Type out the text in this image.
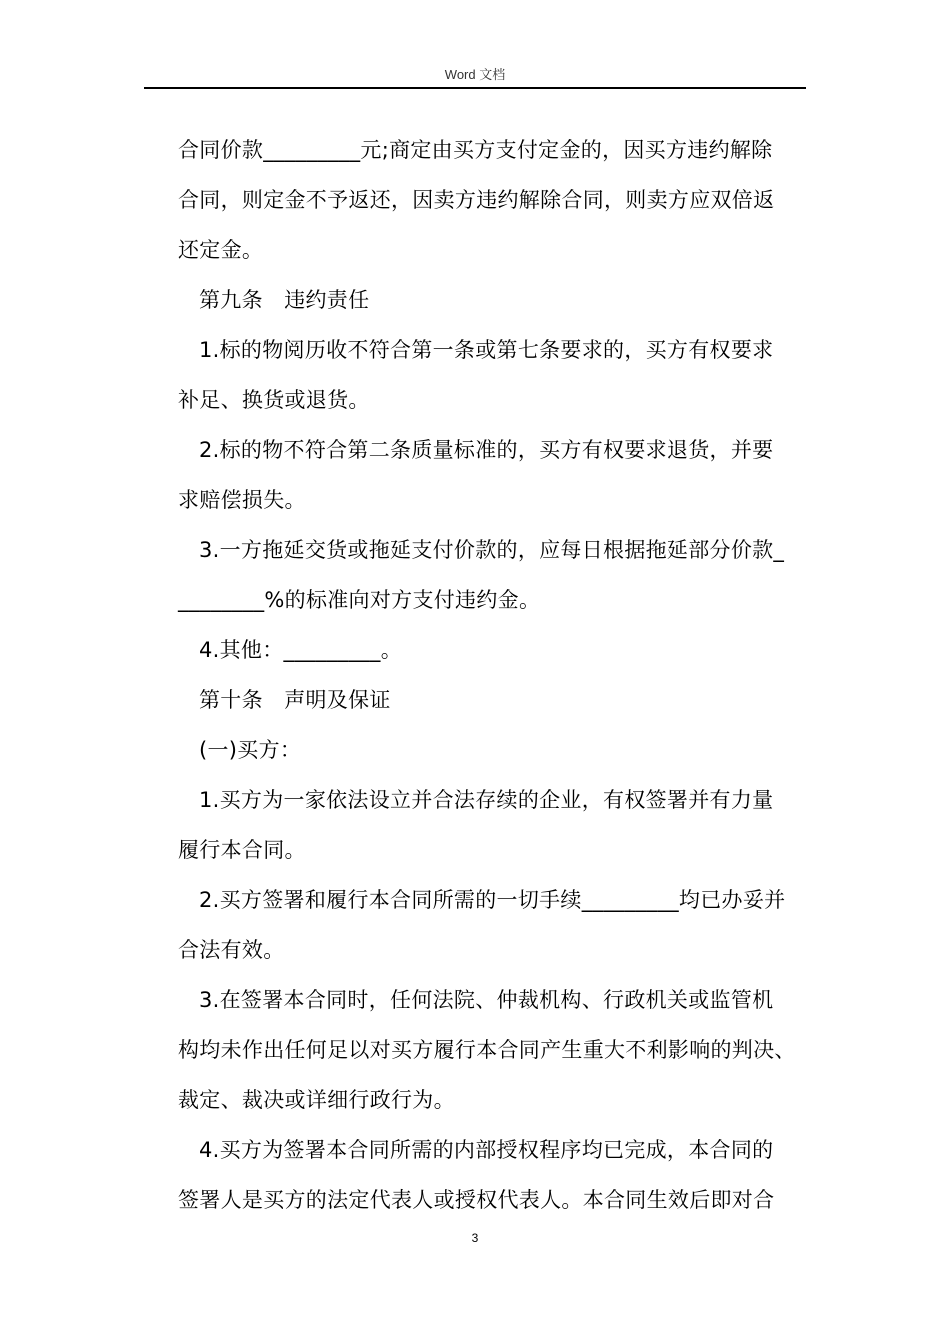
Word 文档

合同价款_________元;商定由买方支付定金的，因买方违约解除

合同，则定金不予返还，因卖方违约解除合同，则卖方应双倍返

还定金。

第九条　违约责任

1.标的物阅历收不符合第一条或第七条要求的，买方有权要求

补足、换货或退货。

2.标的物不符合第二条质量标准的，买方有权要求退货，并要

求赔偿损失。

3.一方拖延交货或拖延支付价款的，应每日根据拖延部分价款_

________%的标准向对方支付违约金。

4.其他：_________。

第十条　声明及保证

(一)买方：

1.买方为一家依法设立并合法存续的企业，有权签署并有力量

履行本合同。

2.买方签署和履行本合同所需的一切手续_________均已办妥并

合法有效。

3.在签署本合同时，任何法院、仲裁机构、行政机关或监管机

构均未作出任何足以对买方履行本合同产生重大不利影响的判决、

裁定、裁决或详细行政行为。

4.买方为签署本合同所需的内部授权程序均已完成，本合同的

签署人是买方的法定代表人或授权代表人。本合同生效后即对合

3
